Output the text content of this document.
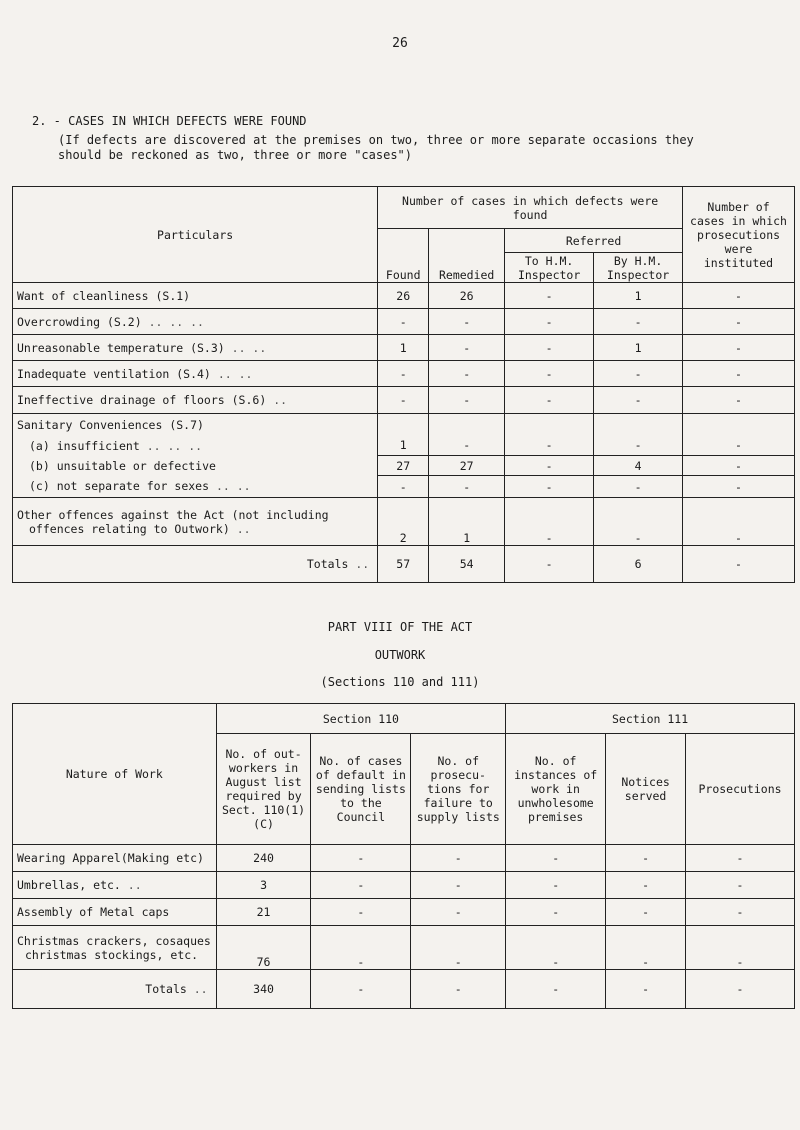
26
2. - CASES IN WHICH DEFECTS WERE FOUND
(If defects are discovered at the premises on two, three or more separate occasions they
should be reckoned as two, three or more "cases")
Particulars	Number of cases in which defects were found				Number of cases in which prosecutions were instituted
	Found	Remedied	Referred		
			To H.M. Inspector	By H.M. Inspector	
Want of cleanliness (S.1)	26	26	-	1	-
Overcrowding (S.2) .. .. ..	-	-	-	-	-
Unreasonable temperature (S.3) .. ..	1	-	-	1	-
Inadequate ventilation (S.4) .. ..	-	-	-	-	-
Ineffective drainage of floors (S.6) ..	-	-	-	-	-
Sanitary Conveniences (S.7)					
(a) insufficient .. .. ..	1	-	-	-	-
(b) unsuitable or defective	27	27	-	4	-
(c) not separate for sexes .. ..	-	-	-	-	-

Other offences against the Act (not including
offences relating to Outwork) ..	2	1	-	-	-
Totals ..	57	54	-	6	-
PART VIII OF THE ACT
OUTWORK
(Sections 110 and 111)
Nature of Work	Section 110			Section 111		
	No. of out-workers in August list required by Sect. 110(1)(C)	No. of cases of default in sending lists to the Council	No. of prosecu-tions for failure to supply lists	No. of instances of work in unwholesome premises	Notices served	Prosecutions
Wearing Apparel(Making etc)	240	-	-	-	-	-
Umbrellas, etc. ..	3	-	-	-	-	-
Assembly of Metal caps	21	-	-	-	-	-

Christmas crackers, cosaques
christmas stockings, etc.	76	-	-	-	-	-
Totals ..	340	-	-	-	-	-
